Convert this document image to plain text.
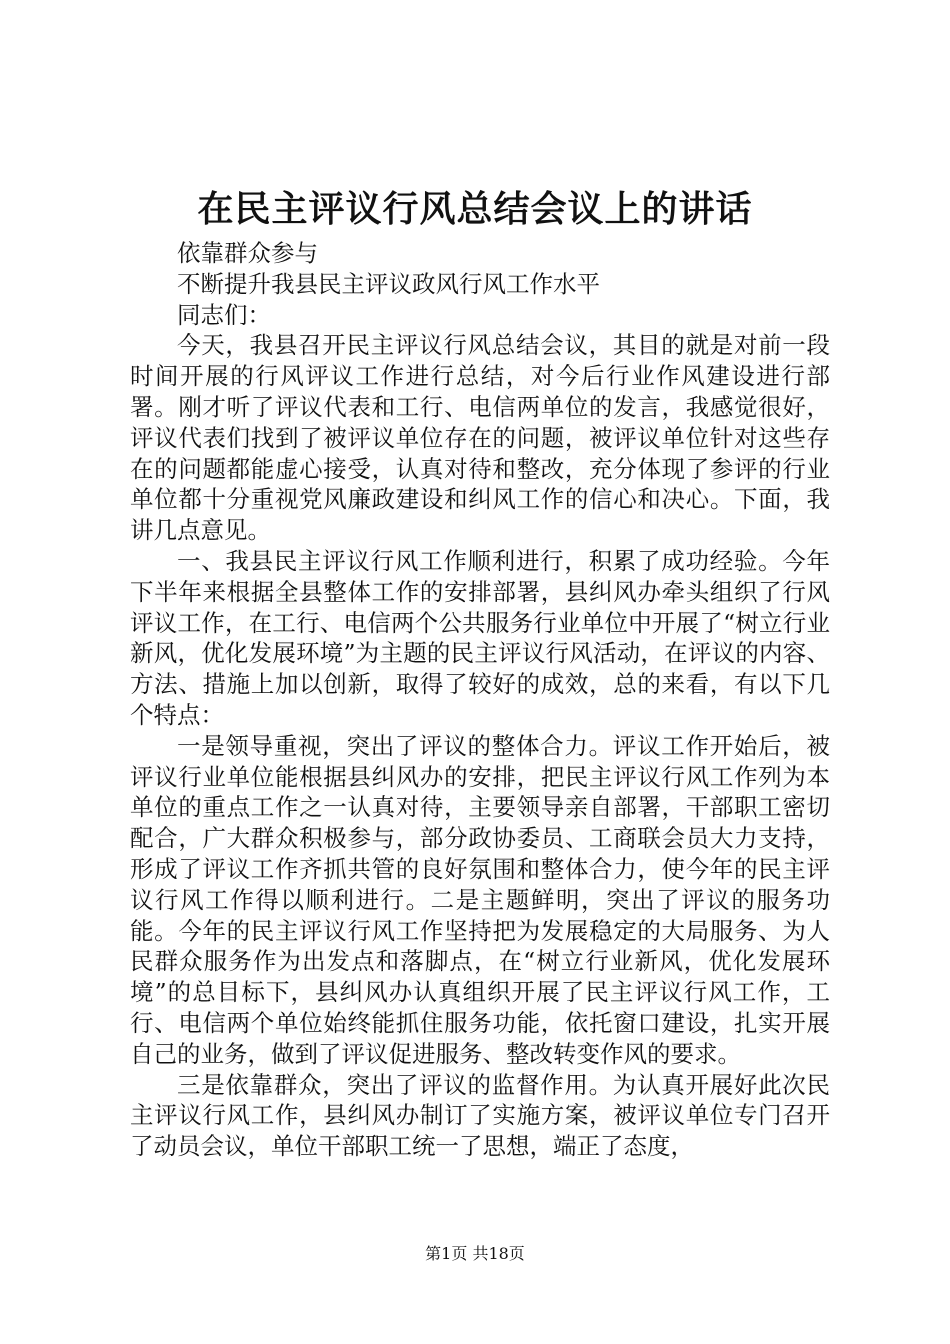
在民主评议行风总结会议上的讲话

依靠群众参与

不断提升我县民主评议政风行风工作水平

同志们：

今天，我县召开民主评议行风总结会议，其目的就是对前一段时间开展的行风评议工作进行总结，对今后行业作风建设进行部署。刚才听了评议代表和工行、电信两单位的发言，我感觉很好，评议代表们找到了被评议单位存在的问题，被评议单位针对这些存在的问题都能虚心接受，认真对待和整改，充分体现了参评的行业单位都十分重视党风廉政建设和纠风工作的信心和决心。下面，我讲几点意见。

一、我县民主评议行风工作顺利进行，积累了成功经验。今年下半年来根据全县整体工作的安排部署，县纠风办牵头组织了行风评议工作，在工行、电信两个公共服务行业单位中开展了“树立行业新风，优化发展环境”为主题的民主评议行风活动，在评议的内容、方法、措施上加以创新，取得了较好的成效，总的来看，有以下几个特点：

一是领导重视，突出了评议的整体合力。评议工作开始后，被评议行业单位能根据县纠风办的安排，把民主评议行风工作列为本单位的重点工作之一认真对待，主要领导亲自部署，干部职工密切配合，广大群众积极参与，部分政协委员、工商联会员大力支持，形成了评议工作齐抓共管的良好氛围和整体合力，使今年的民主评议行风工作得以顺利进行。二是主题鲜明，突出了评议的服务功能。今年的民主评议行风工作坚持把为发展稳定的大局服务、为人民群众服务作为出发点和落脚点，在“树立行业新风，优化发展环境”的总目标下，县纠风办认真组织开展了民主评议行风工作，工行、电信两个单位始终能抓住服务功能，依托窗口建设，扎实开展自己的业务，做到了评议促进服务、整改转变作风的要求。

三是依靠群众，突出了评议的监督作用。为认真开展好此次民主评议行风工作，县纠风办制订了实施方案，被评议单位专门召开了动员会议，单位干部职工统一了思想，端正了态度，

第1页 共18页
